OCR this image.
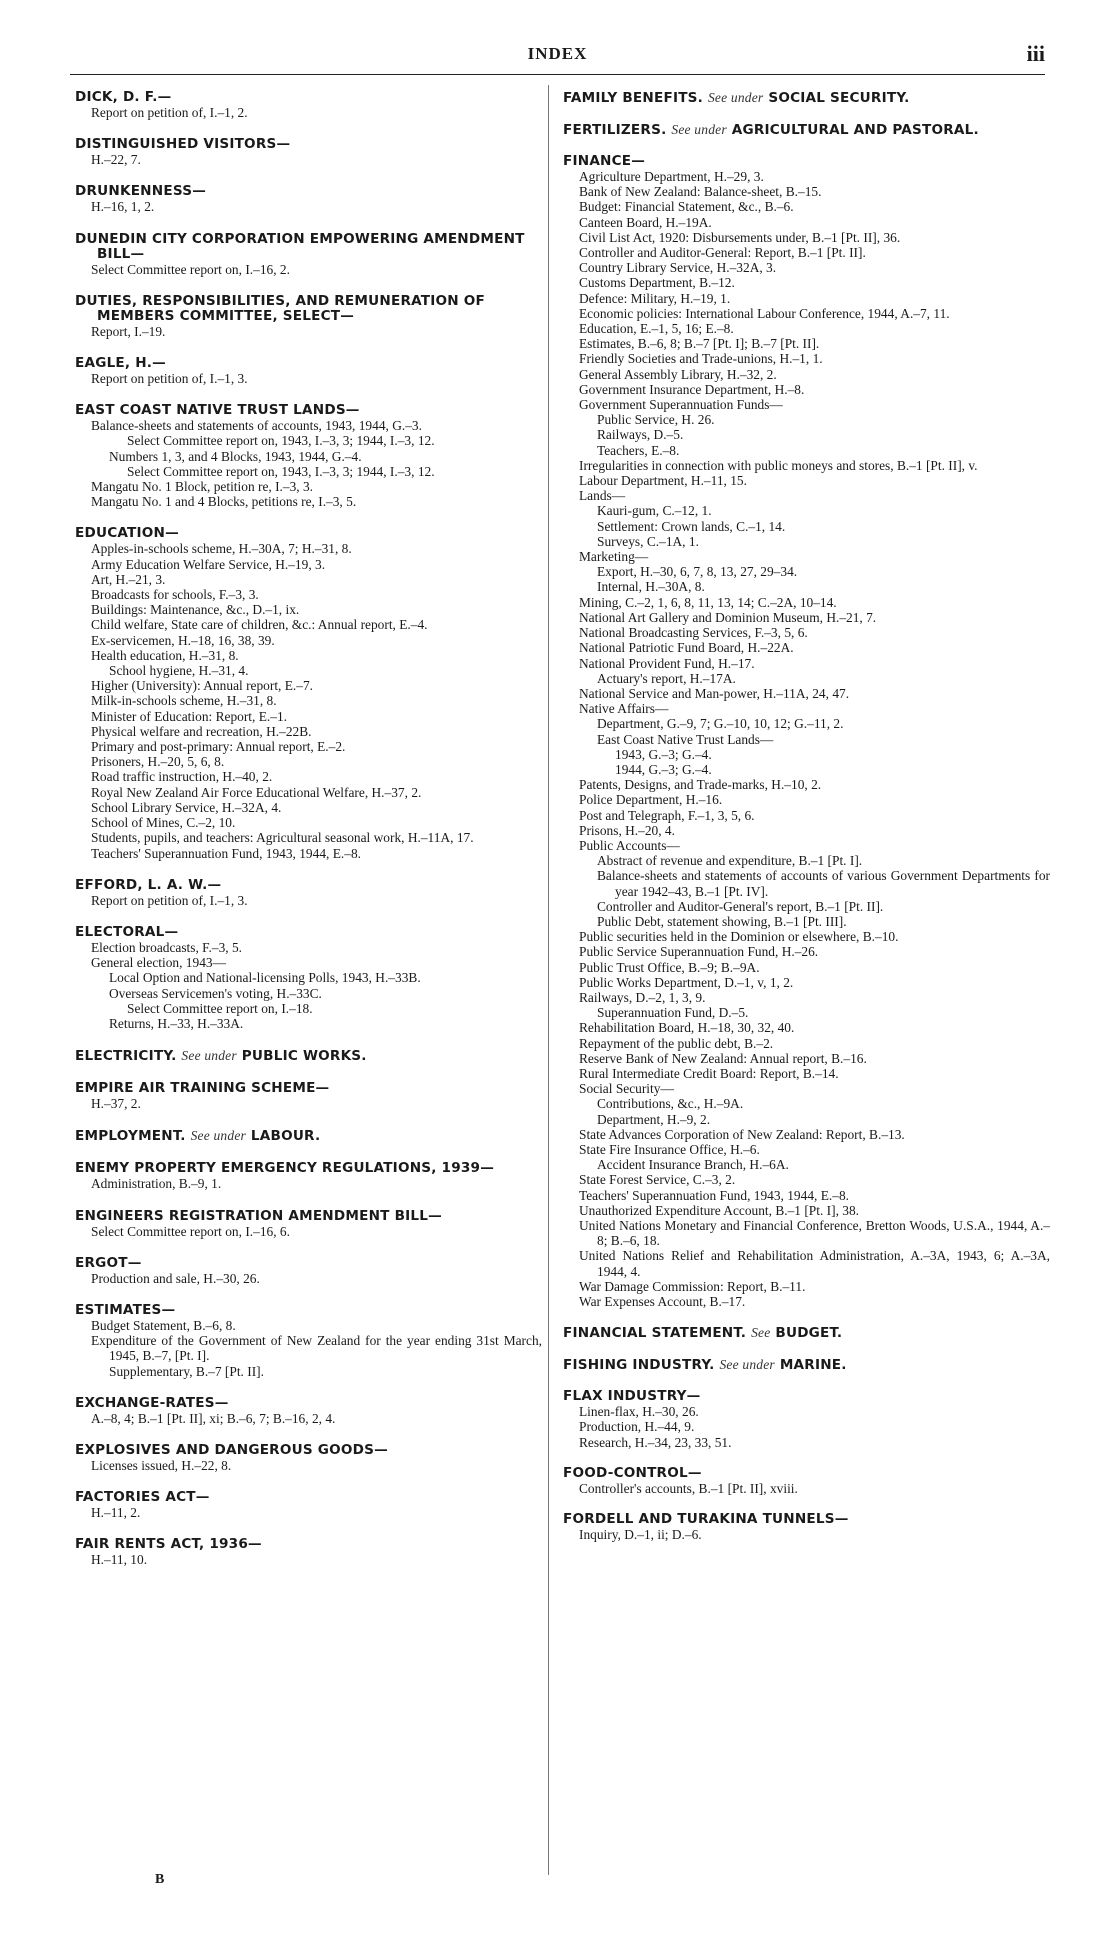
INDEX	iii
DICK, D. F.—
Report on petition of, I.–1, 2.
DISTINGUISHED VISITORS—
H.–22, 7.
DRUNKENNESS—
H.–16, 1, 2.
DUNEDIN CITY CORPORATION EMPOWERING AMENDMENT BILL—
Select Committee report on, I.–16, 2.
DUTIES, RESPONSIBILITIES, AND REMUNERATION OF MEMBERS COMMITTEE, SELECT—
Report, I.–19.
EAGLE, H.—
Report on petition of, I.–1, 3.
EAST COAST NATIVE TRUST LANDS—
Balance-sheets and statements of accounts, 1943, 1944, G.–3.
Select Committee report on, 1943, I.–3, 3; 1944, I.–3, 12.
Numbers 1, 3, and 4 Blocks, 1943, 1944, G.–4.
Select Committee report on, 1943, I.–3, 3; 1944, I.–3, 12.
Mangatu No. 1 Block, petition re, I.–3, 3.
Mangatu No. 1 and 4 Blocks, petitions re, I.–3, 5.
EDUCATION—
Apples-in-schools scheme, H.–30A, 7; H.–31, 8.
Army Education Welfare Service, H.–19, 3.
Art, H.–21, 3.
Broadcasts for schools, F.–3, 3.
Buildings: Maintenance, &c., D.–1, ix.
Child welfare, State care of children, &c.: Annual report, E.–4.
Ex-servicemen, H.–18, 16, 38, 39.
Health education, H.–31, 8.
School hygiene, H.–31, 4.
Higher (University): Annual report, E.–7.
Milk-in-schools scheme, H.–31, 8.
Minister of Education: Report, E.–1.
Physical welfare and recreation, H.–22B.
Primary and post-primary: Annual report, E.–2.
Prisoners, H.–20, 5, 6, 8.
Road traffic instruction, H.–40, 2.
Royal New Zealand Air Force Educational Welfare, H.–37, 2.
School Library Service, H.–32A, 4.
School of Mines, C.–2, 10.
Students, pupils, and teachers: Agricultural seasonal work, H.–11A, 17.
Teachers' Superannuation Fund, 1943, 1944, E.–8.
EFFORD, L. A. W.—
Report on petition of, I.–1, 3.
ELECTORAL—
Election broadcasts, F.–3, 5.
General election, 1943—
Local Option and National-licensing Polls, 1943, H.–33B.
Overseas Servicemen's voting, H.–33C.
Select Committee report on, I.–18.
Returns, H.–33, H.–33A.
ELECTRICITY. See under PUBLIC WORKS.
EMPIRE AIR TRAINING SCHEME—
H.–37, 2.
EMPLOYMENT. See under LABOUR.
ENEMY PROPERTY EMERGENCY REGULATIONS, 1939—
Administration, B.–9, 1.
ENGINEERS REGISTRATION AMENDMENT BILL—
Select Committee report on, I.–16, 6.
ERGOT—
Production and sale, H.–30, 26.
ESTIMATES—
Budget Statement, B.–6, 8.
Expenditure of the Government of New Zealand for the year ending 31st March, 1945, B.–7, [Pt. I].
Supplementary, B.–7 [Pt. II].
EXCHANGE-RATES—
A.–8, 4; B.–1 [Pt. II], xi; B.–6, 7; B.–16, 2, 4.
EXPLOSIVES AND DANGEROUS GOODS—
Licenses issued, H.–22, 8.
FACTORIES ACT—
H.–11, 2.
FAIR RENTS ACT, 1936—
H.–11, 10.
FAMILY BENEFITS. See under SOCIAL SECURITY.
FERTILIZERS. See under AGRICULTURAL AND PASTORAL.
FINANCE—
Agriculture Department, H.–29, 3.
Bank of New Zealand: Balance-sheet, B.–15.
Budget: Financial Statement, &c., B.–6.
Canteen Board, H.–19A.
Civil List Act, 1920: Disbursements under, B.–1 [Pt. II], 36.
Controller and Auditor-General: Report, B.–1 [Pt. II].
Country Library Service, H.–32A, 3.
Customs Department, B.–12.
Defence: Military, H.–19, 1.
Economic policies: International Labour Conference, 1944, A.–7, 11.
Education, E.–1, 5, 16; E.–8.
Estimates, B.–6, 8; B.–7 [Pt. I]; B.–7 [Pt. II].
Friendly Societies and Trade-unions, H.–1, 1.
General Assembly Library, H.–32, 2.
Government Insurance Department, H.–8.
Government Superannuation Funds—
Public Service, H. 26.
Railways, D.–5.
Teachers, E.–8.
Irregularities in connection with public moneys and stores, B.–1 [Pt. II], v.
Labour Department, H.–11, 15.
Lands—
Kauri-gum, C.–12, 1.
Settlement: Crown lands, C.–1, 14.
Surveys, C.–1A, 1.
Marketing—
Export, H.–30, 6, 7, 8, 13, 27, 29–34.
Internal, H.–30A, 8.
Mining, C.–2, 1, 6, 8, 11, 13, 14; C.–2A, 10–14.
National Art Gallery and Dominion Museum, H.–21, 7.
National Broadcasting Services, F.–3, 5, 6.
National Patriotic Fund Board, H.–22A.
National Provident Fund, H.–17.
Actuary's report, H.–17A.
National Service and Man-power, H.–11A, 24, 47.
Native Affairs—
Department, G.–9, 7; G.–10, 10, 12; G.–11, 2.
East Coast Native Trust Lands—
1943, G.–3; G.–4.
1944, G.–3; G.–4.
Patents, Designs, and Trade-marks, H.–10, 2.
Police Department, H.–16.
Post and Telegraph, F.–1, 3, 5, 6.
Prisons, H.–20, 4.
Public Accounts—
Abstract of revenue and expenditure, B.–1 [Pt. I].
Balance-sheets and statements of accounts of various Government Departments for year 1942–43, B.–1 [Pt. IV].
Controller and Auditor-General's report, B.–1 [Pt. II].
Public Debt, statement showing, B.–1 [Pt. III].
Public securities held in the Dominion or elsewhere, B.–10.
Public Service Superannuation Fund, H.–26.
Public Trust Office, B.–9; B.–9A.
Public Works Department, D.–1, v, 1, 2.
Railways, D.–2, 1, 3, 9.
Superannuation Fund, D.–5.
Rehabilitation Board, H.–18, 30, 32, 40.
Repayment of the public debt, B.–2.
Reserve Bank of New Zealand: Annual report, B.–16.
Rural Intermediate Credit Board: Report, B.–14.
Social Security—
Contributions, &c., H.–9A.
Department, H.–9, 2.
State Advances Corporation of New Zealand: Report, B.–13.
State Fire Insurance Office, H.–6.
Accident Insurance Branch, H.–6A.
State Forest Service, C.–3, 2.
Teachers' Superannuation Fund, 1943, 1944, E.–8.
Unauthorized Expenditure Account, B.–1 [Pt. I], 38.
United Nations Monetary and Financial Conference, Bretton Woods, U.S.A., 1944, A.–8; B.–6, 18.
United Nations Relief and Rehabilitation Administration, A.–3A, 1943, 6; A.–3A, 1944, 4.
War Damage Commission: Report, B.–11.
War Expenses Account, B.–17.
FINANCIAL STATEMENT. See BUDGET.
FISHING INDUSTRY. See under MARINE.
FLAX INDUSTRY—
Linen-flax, H.–30, 26.
Production, H.–44, 9.
Research, H.–34, 23, 33, 51.
FOOD-CONTROL—
Controller's accounts, B.–1 [Pt. II], xviii.
FORDELL AND TURAKINA TUNNELS—
Inquiry, D.–1, ii; D.–6.
B
